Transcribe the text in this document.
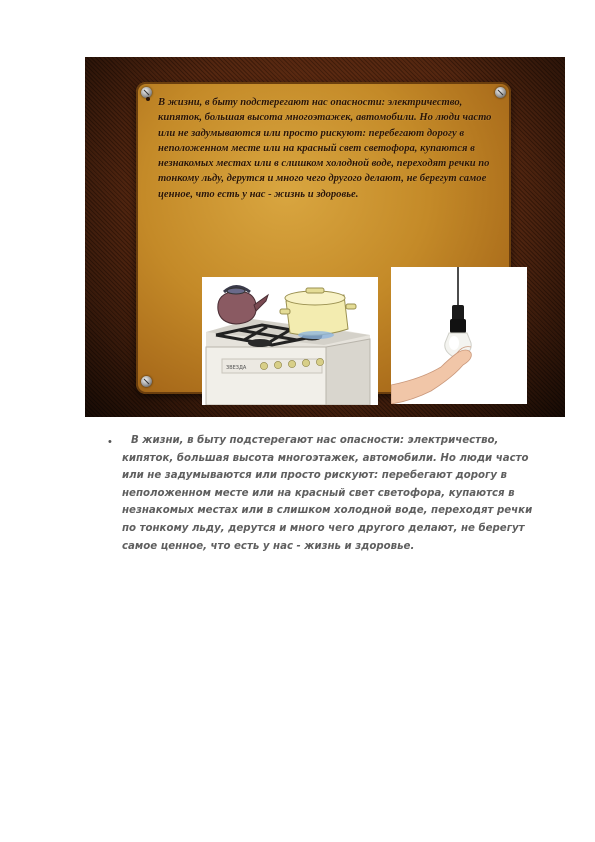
В жизни, в быту подстерегают нас опасности: электричество, кипяток, большая высота многоэтажек, автомобили. Но люди часто или не задумываются или просто рискуют: перебегают дорогу в неположенном месте или на красный свет светофора, купаются в незнакомых местах или в слишком холодной воде, переходят речки по тонкому льду, дерутся и много чего другого делают, не берегут самое ценное, что есть у нас - жизнь и здоровье.

ЗВЕЗДА
•	В жизни, в быту подстерегают нас опасности: электричество, кипяток, большая высота многоэтажек, автомобили. Но люди часто или не задумываются или просто рискуют: перебегают дорогу в неположенном месте или на красный свет светофора, купаются в незнакомых местах или в слишком холодной воде, переходят речки по тонкому льду, дерутся и много чего другого делают, не берегут самое ценное, что есть у нас - жизнь и здоровье.
